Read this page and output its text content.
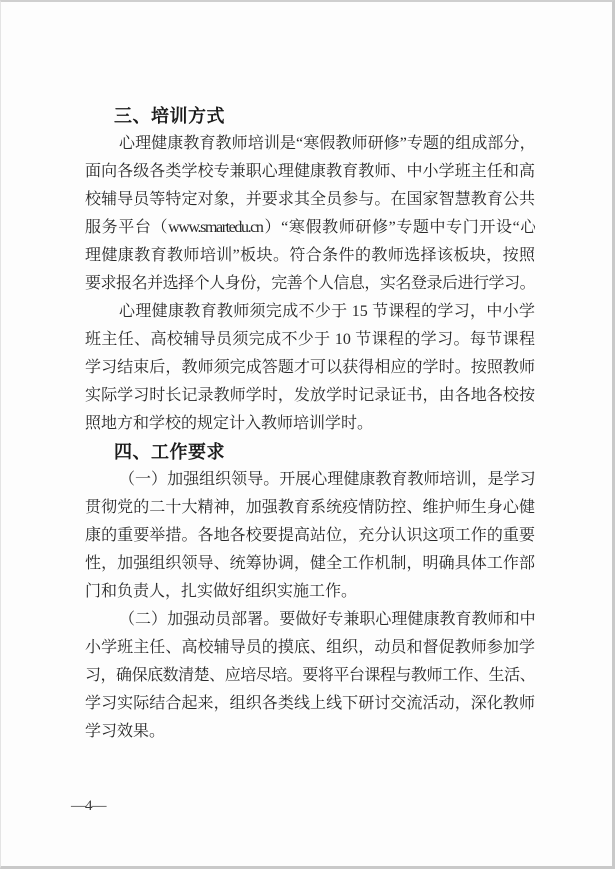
三、培训方式
心理健康教育教师培训是“寒假教师研修”专题的组成部分，
面向各级各类学校专兼职心理健康教育教师、中小学班主任和高
校辅导员等特定对象，并要求其全员参与。在国家智慧教育公共
服务平台（www.smartedu.cn）“寒假教师研修”专题中专门开设“心
理健康教育教师培训”板块。符合条件的教师选择该板块，按照
要求报名并选择个人身份，完善个人信息，实名登录后进行学习。
心理健康教育教师须完成不少于 15 节课程的学习，中小学
班主任、高校辅导员须完成不少于 10 节课程的学习。每节课程
学习结束后，教师须完成答题才可以获得相应的学时。按照教师
实际学习时长记录教师学时，发放学时记录证书，由各地各校按
照地方和学校的规定计入教师培训学时。
四、工作要求
（一）加强组织领导。开展心理健康教育教师培训，是学习
贯彻党的二十大精神，加强教育系统疫情防控、维护师生身心健
康的重要举措。各地各校要提高站位，充分认识这项工作的重要
性，加强组织领导、统筹协调，健全工作机制，明确具体工作部
门和负责人，扎实做好组织实施工作。
（二）加强动员部署。要做好专兼职心理健康教育教师和中
小学班主任、高校辅导员的摸底、组织，动员和督促教师参加学
习，确保底数清楚、应培尽培。要将平台课程与教师工作、生活、
学习实际结合起来，组织各类线上线下研讨交流活动，深化教师
学习效果。
—4—
